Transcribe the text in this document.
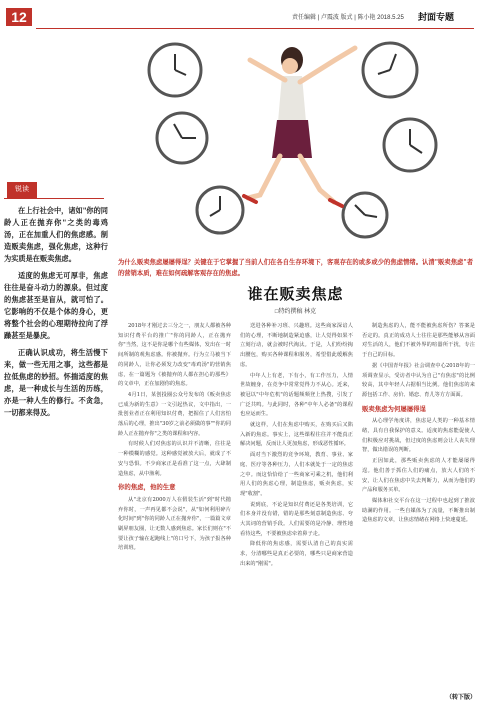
12	责任编辑 | 卢震波 版式 | 陈小艳 2018.5.25 封面专题
锐读

在上行社会中，诸如"你的同龄人正在抛弃你"之类的毒鸡汤，正在加重人们的焦虑感。制造贩卖焦虑，强化焦虑，这种行为实质是在贩卖焦虑。

适度的焦虑无可厚非，焦虑往往是奋斗动力的源泉。但过度的焦虑甚至是盲从，就可怕了。它影响的不仅是个体的身心，更将整个社会的心理期待拉向了浮躁甚至是暴戾。

正确认识成功，将生活慢下来，做一些无用之事，这些都是拉低焦虑的妙招。怀揣适度的焦虑，是一种成长与生活的历练，亦是一种人生的修行。不贪急，一切都来得及。

为什么贩卖焦虑屡屡得逞？关键在于它掌握了当前人们在各自生存环境下，客观存在的或多或少的焦虑情绪。认清"贩卖焦虑"者的营销本质，难在如何疏解客观存在的焦虑。
谁在贩卖焦虑
□特约撰稿 林克

2018年才刚过去三分之一，朋友人都被各种知识付费平台的推广"你的同龄人，正在抛弃你"当然，这不是你是哪个有些媒体，发出在一时间所制的观焦虑感。你被抛弃。行为立马被当下的同龄人，让你必须发力改变"毒鸡汤"的营销焦虑，在一篇题为《被抛弃的人都在担心的那些》的文章中，正在加剧你的焦虑。

4月1日，某创投圈公众号发布的《贩卖焦虑已成为新的生意》一文引起热议，文中指出，一批创业者正在利用知识付费，把握住了人们害怕落后的心理，推出"30岁之前必须做的事""你的同龄人正在抛弃你"之类的课程和内容。

有时候人们对焦虑的认识并不清晰，往往是一种模糊的感觉。这种感觉被放大后，就成了不安与恐惧。不少商家正是看准了这一点，大肆制造焦虑，从中渔利。

你的焦虑，他的生意

从"北京有2000万人在假装生活"到"时代抛弃你时，一声再见都不会说"，从"如何利用碎片化时间"到"你的同龄人正在抛弃你"，一篇篇文章刷屏朋友圈，让无数人感到焦虑。家长们则在"不要让孩子输在起跑线上"的口号下，为孩子报各种培训班。

送进各种补习班、兴趣班。这些商家深谙人们的心理，不断地制造紧迫感，让人觉得如果不立刻行动，就会被时代淘汰。于是，人们纷纷掏出腰包，购买各种课程和服务，希望借此缓解焦虑。

中年人上有老，下有小，有工作压力，人情世故缠身，在竞争中常常觉得力不从心。近来，被冠以"中年危机"的话题频频登上热搜，引发了广泛共鸣。与此同时，各种"中年人必备"的课程也应运而生。

就这样，人们在焦虑中购买，在购买后又陷入新的焦虑。事实上，这些课程往往并不能真正解决问题，反而让人更加焦虑，形成恶性循环。

面对当下激烈的竞争环境，教育、事业、家庭、医疗等各种压力，人们本就处于一定的焦虑之中。而这恰恰给了一些商家可乘之机，他们利用人们的焦虑心理，制造焦虑，贩卖焦虑，实现"收割"。

说到底，不论是知识付费还是各类培训，它们本身并没有错，错的是那些刻意制造焦虑、夸大其词的营销手段。人们需要的是冷静、理性地看待这些，不要被焦虑牵着鼻子走。

降低你的焦虑感，需要认清自己的真实需求，分清哪些是真正必要的，哪些只是商家营造出来的"刚需"。

制造焦虑的人，能不能被焦虑所伤？答案是否定的。真正的成功人士往往是那些能够从容面对生活的人，他们不被外界的喧嚣所干扰，专注于自己的目标。

据《中国青年报》社会调查中心2018年的一项调查显示，受访者中认为自己"有焦虑"的比例较高，其中年轻人占据相当比例。他们焦虑的来源包括工作、房价、婚恋、育儿等方方面面。

贩卖焦虑为何屡屡得逞

从心理学角度讲，焦虑是人类的一种基本情绪，具有自我保护的意义。适度的焦虑能促使人们积极应对挑战，但过度的焦虑则会让人丧失理智，做出错误的判断。

正因如此，那些贩卖焦虑的人才能屡屡得逞。他们善于抓住人们的痛点，放大人们的不安，让人们在焦虑中失去判断力，从而为他们的产品和服务买单。

媒体和社交平台在这一过程中也起到了推波助澜的作用。一些自媒体为了流量，不断推出制造焦虑的文章，让焦虑情绪在网络上快速蔓延。

（转下版）
